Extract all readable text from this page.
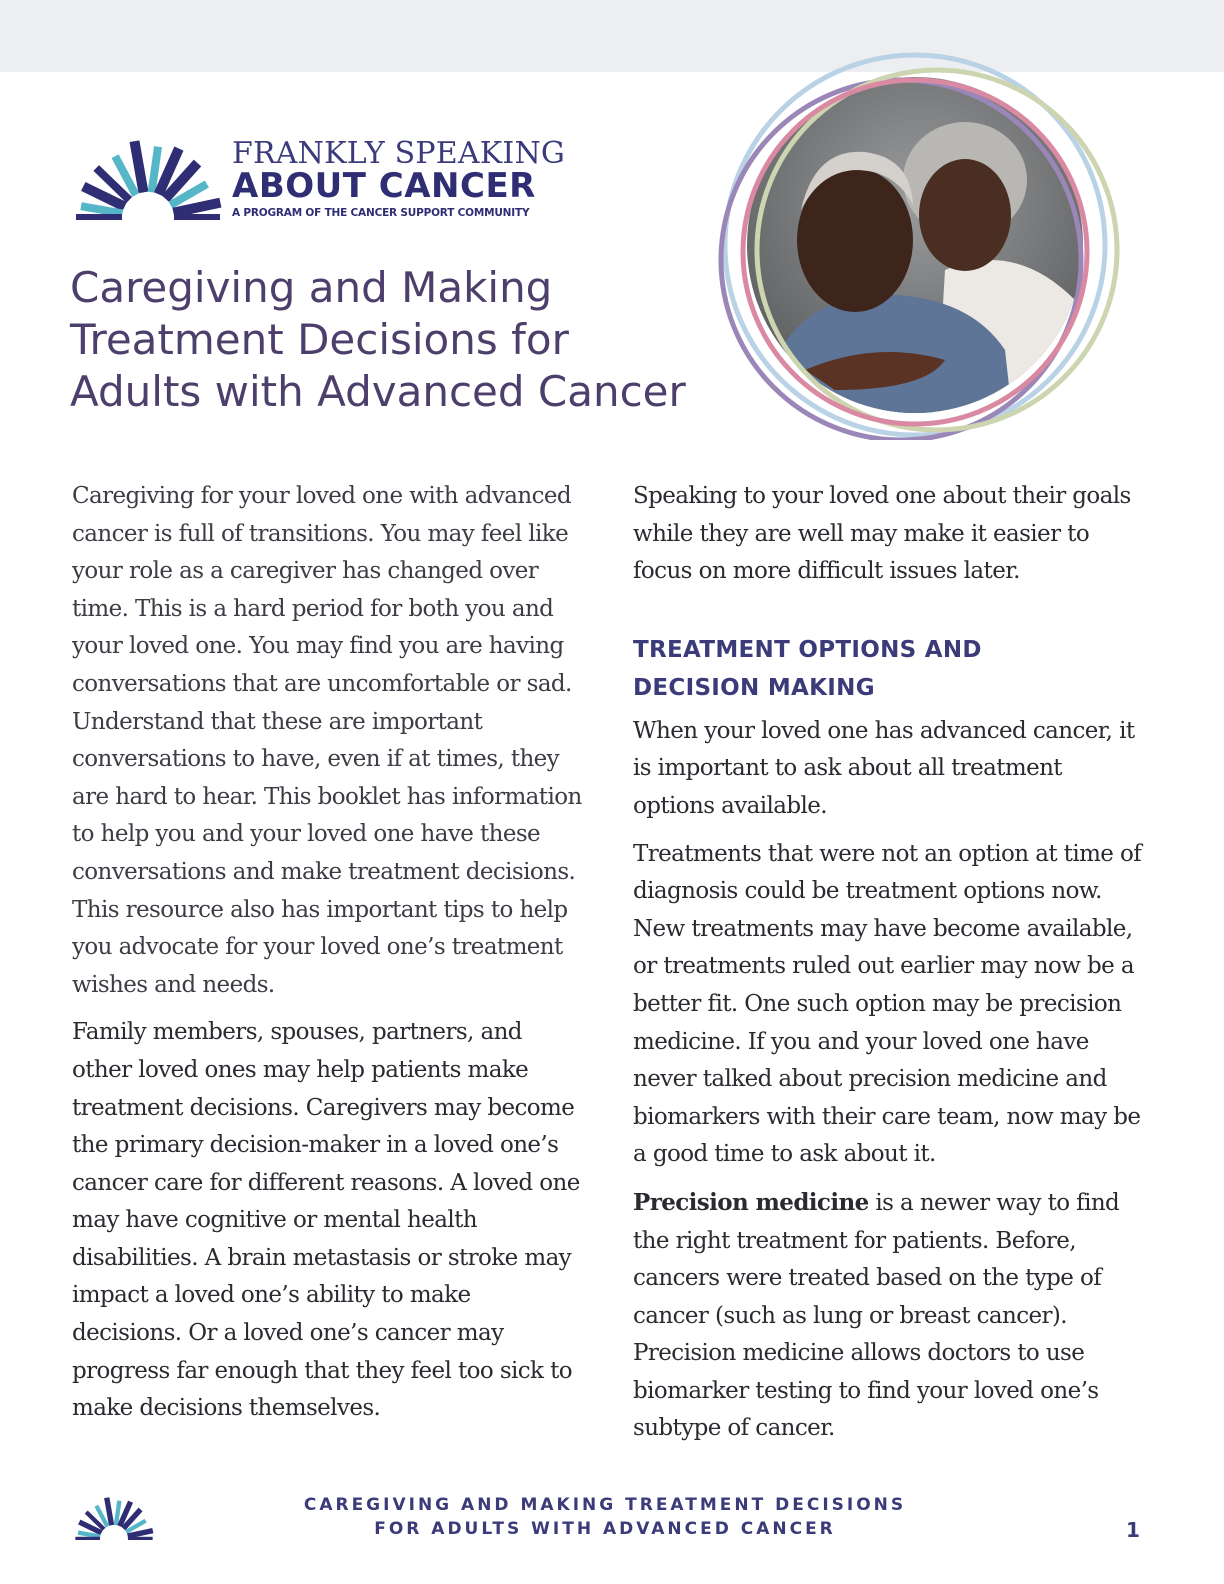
FRANKLY SPEAKING
ABOUT CANCER
A PROGRAM OF THE CANCER SUPPORT COMMUNITY
Caregiving and Making
Treatment Decisions for
Adults with Advanced Cancer

Caregiving for your loved one with advanced cancer is full of transitions. You may feel like your role as a caregiver has changed over time. This is a hard period for both you and your loved one. You may find you are having conversations that are uncomfortable or sad. Understand that these are important conversations to have, even if at times, they are hard to hear. This booklet has information to help you and your loved one have these conversations and make treatment decisions. This resource also has important tips to help you advocate for your loved one’s treatment wishes and needs.

Family members, spouses, partners, and other loved ones may help patients make treatment decisions. Caregivers may become the primary decision-maker in a loved one’s cancer care for different reasons. A loved one may have cognitive or mental health disabilities. A brain metastasis or stroke may impact a loved one’s ability to make decisions. Or a loved one’s cancer may progress far enough that they feel too sick to make decisions themselves.

Speaking to your loved one about their goals while they are well may make it easier to focus on more difficult issues later.

TREATMENT OPTIONS AND
DECISION MAKING

When your loved one has advanced cancer, it is important to ask about all treatment options available.

Treatments that were not an option at time of diagnosis could be treatment options now. New treatments may have become available, or treatments ruled out earlier may now be a better fit. One such option may be precision medicine. If you and your loved one have never talked about precision medicine and biomarkers with their care team, now may be a good time to ask about it.

Precision medicine is a newer way to find the right treatment for patients. Before, cancers were treated based on the type of cancer (such as lung or breast cancer). Precision medicine allows doctors to use biomarker testing to find your loved one’s subtype of cancer.

CAREGIVING AND MAKING TREATMENT DECISIONS
FOR ADULTS WITH ADVANCED CANCER	1
